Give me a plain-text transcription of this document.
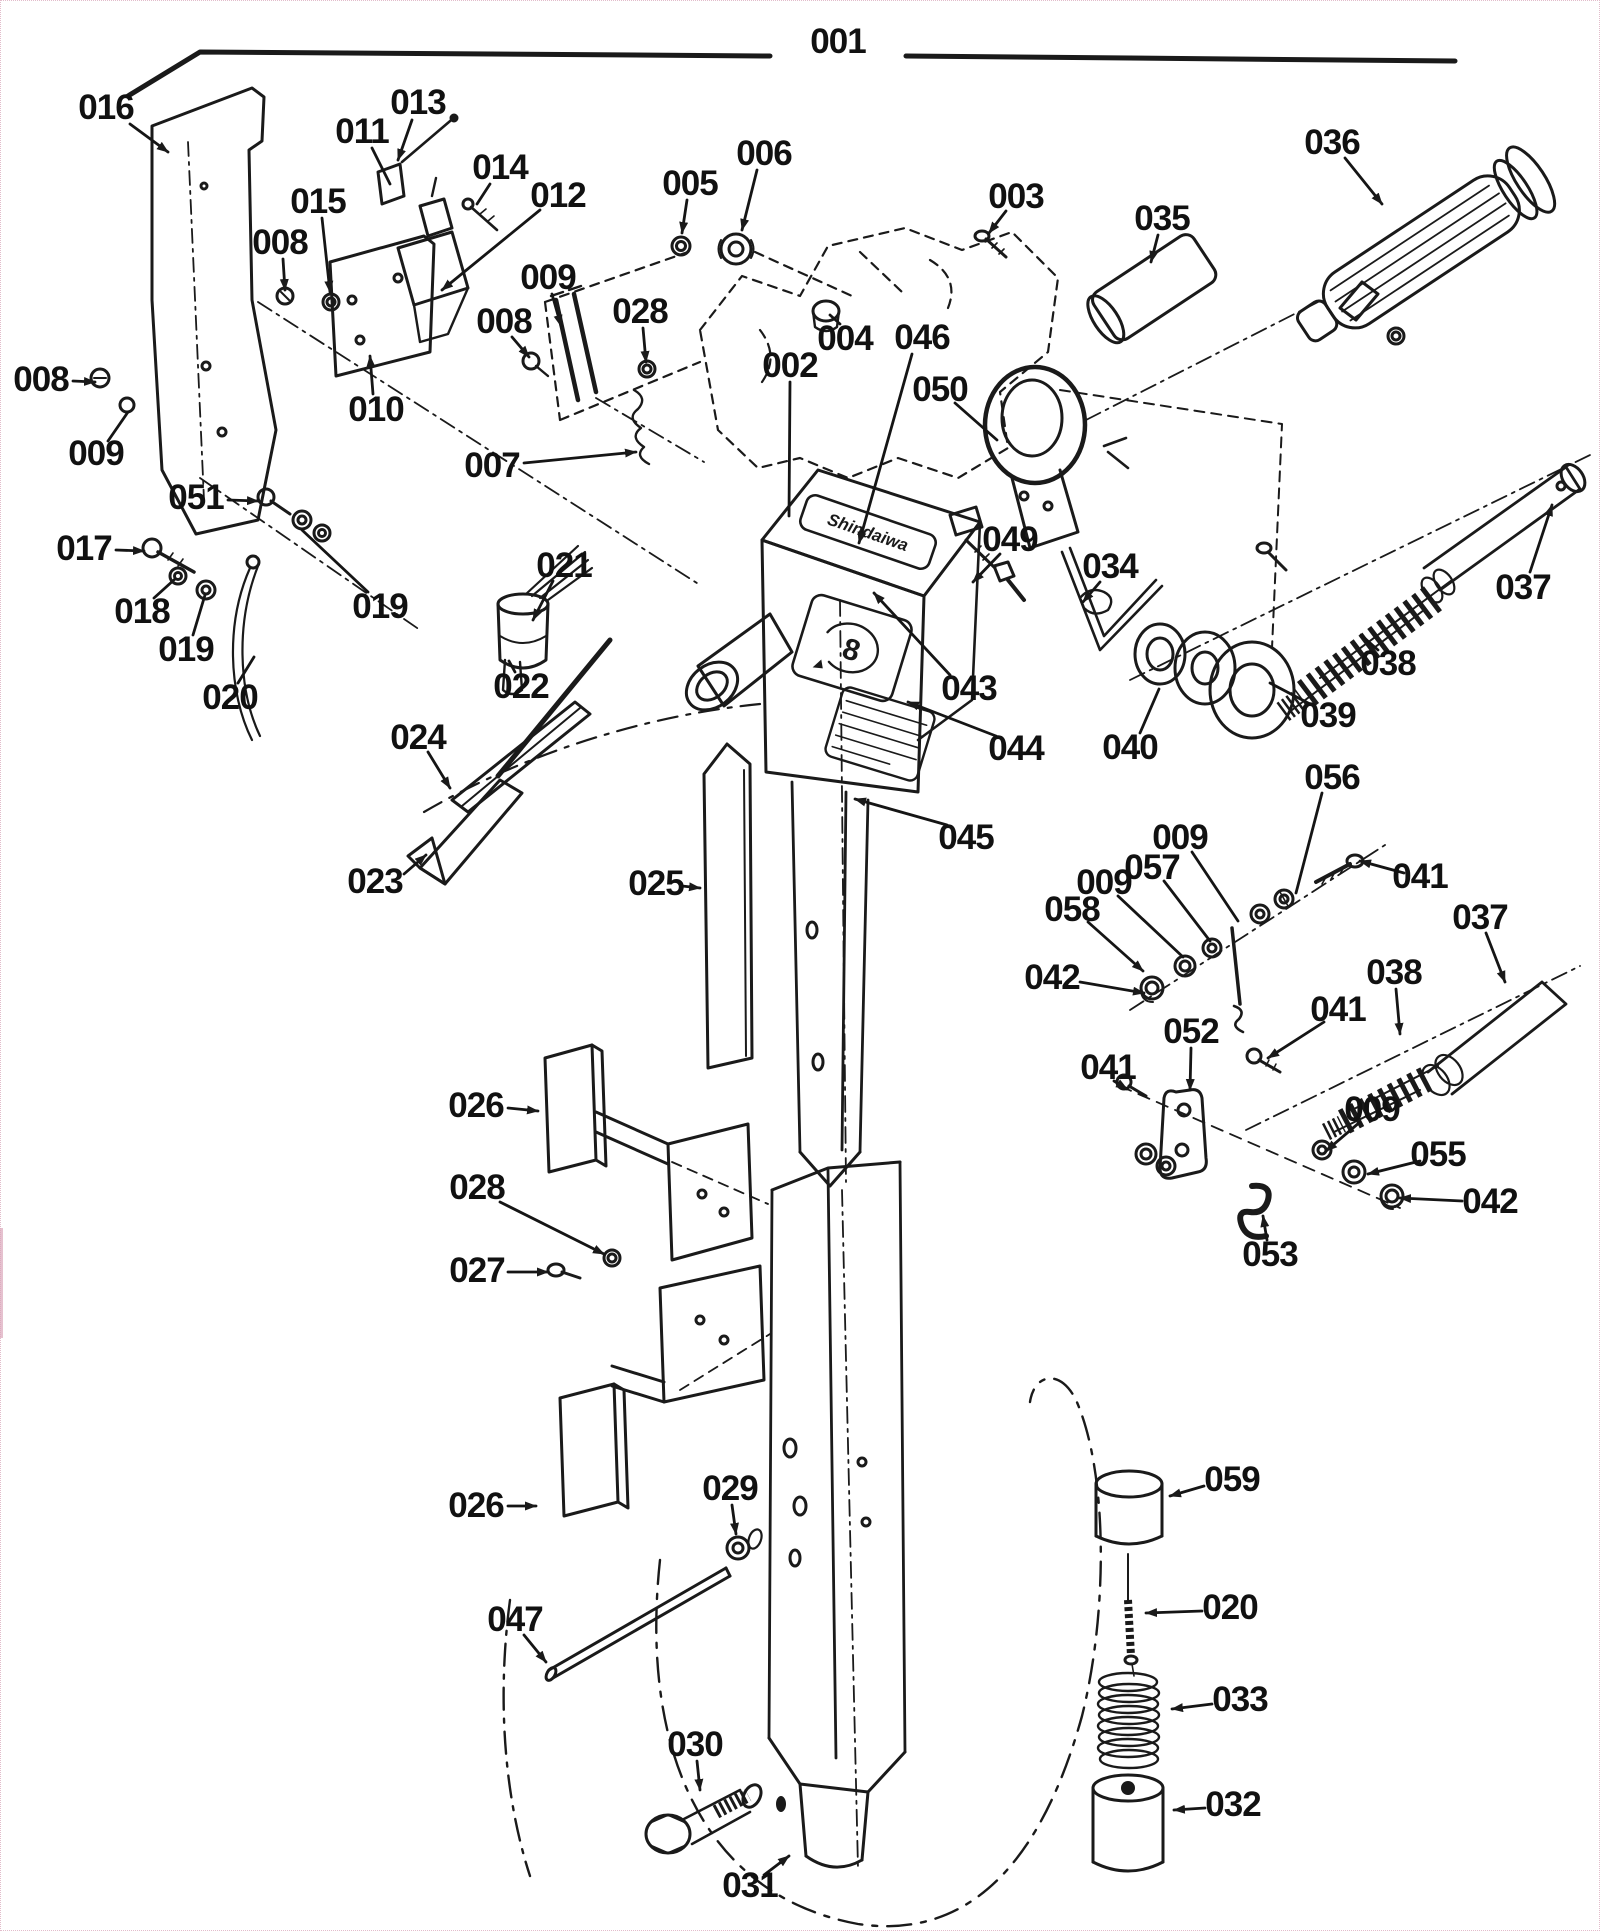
Shindaiwa
8
001
016	013
011
014
012
015
008
005
006
003
009
008 028
008
009
010
007
004 046
002
050
036
035
049
034
037
038
039
040
043
044
045
051
017
018	019
019
020
021
022
024
023	025
056
009
057
009
058
042
041
037
038
041
052
041
009
055
042
053
026
028
027
026	029
047
030
031
059
020
033
032
